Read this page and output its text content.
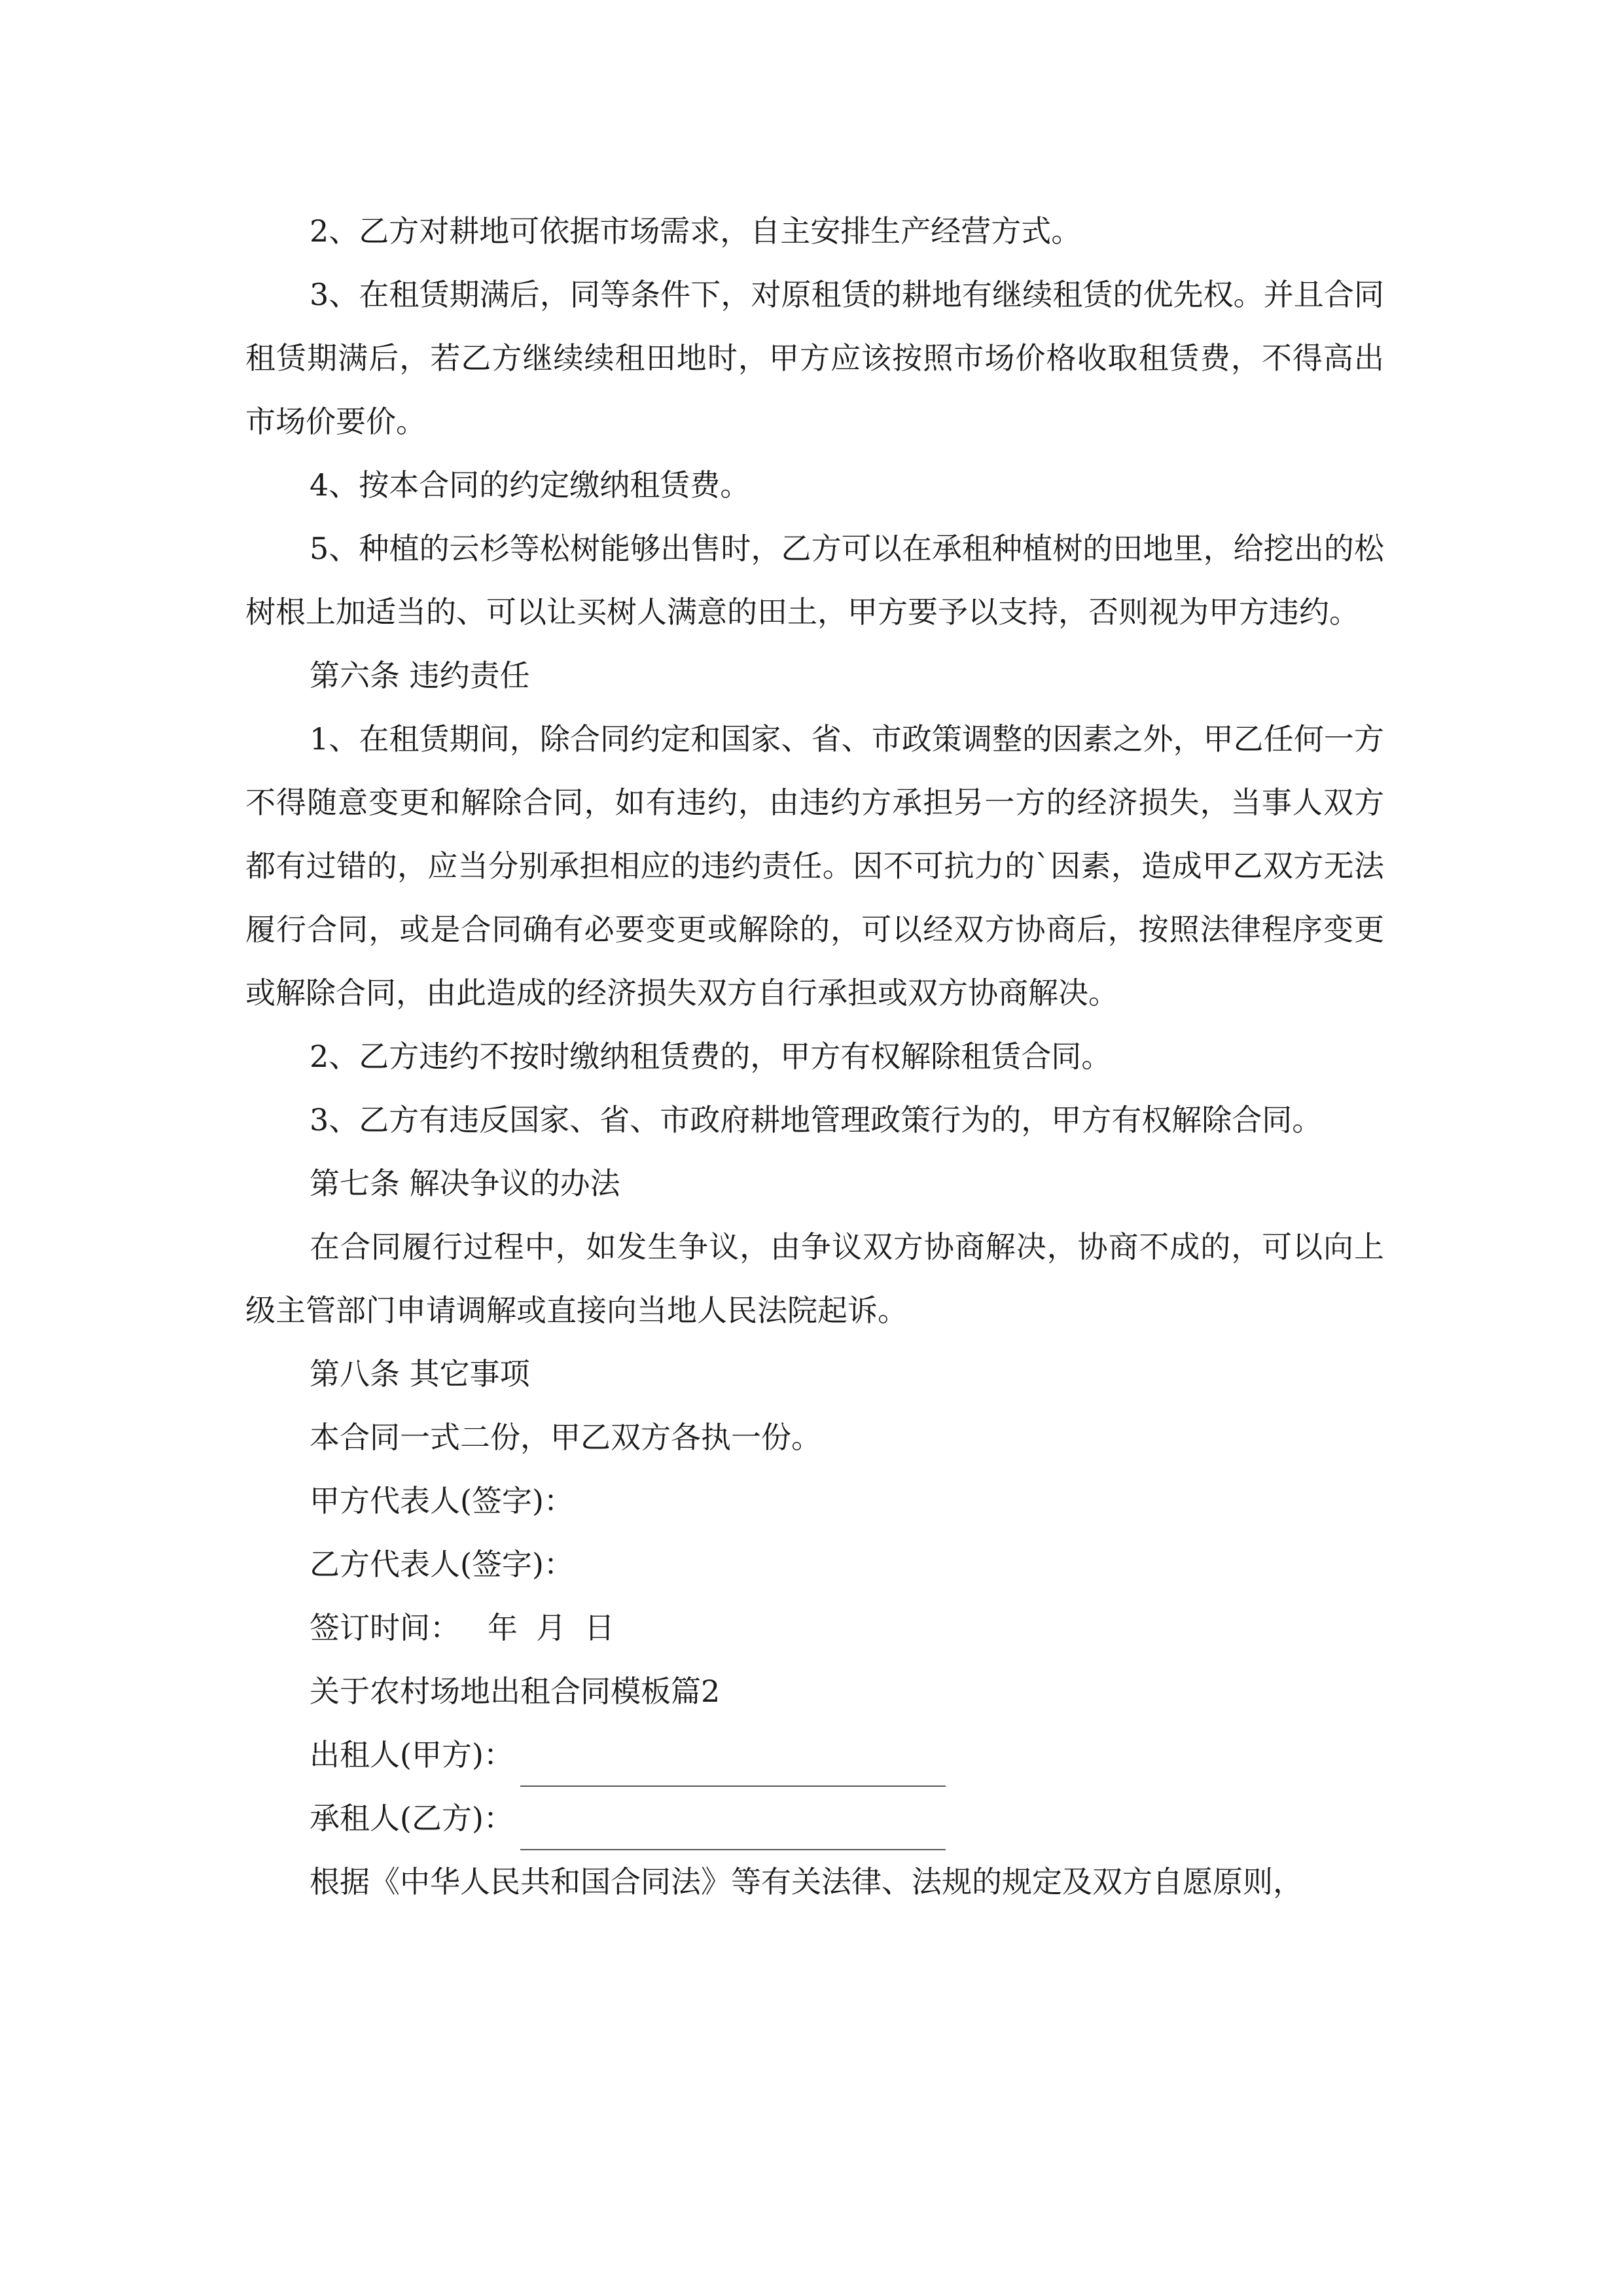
2、乙方对耕地可依据市场需求，自主安排生产经营方式。

3、在租赁期满后，同等条件下，对原租赁的耕地有继续租赁的优先权。并且合同租赁期满后，若乙方继续续租田地时，甲方应该按照市场价格收取租赁费，不得高出市场价要价。

4、按本合同的约定缴纳租赁费。

5、种植的云杉等松树能够出售时，乙方可以在承租种植树的田地里，给挖出的松树根上加适当的、可以让买树人满意的田土，甲方要予以支持，否则视为甲方违约。

第六条 违约责任

1、在租赁期间，除合同约定和国家、省、市政策调整的因素之外，甲乙任何一方不得随意变更和解除合同，如有违约，由违约方承担另一方的经济损失，当事人双方都有过错的，应当分别承担相应的违约责任。因不可抗力的`因素，造成甲乙双方无法履行合同，或是合同确有必要变更或解除的，可以经双方协商后，按照法律程序变更或解除合同，由此造成的经济损失双方自行承担或双方协商解决。

2、乙方违约不按时缴纳租赁费的，甲方有权解除租赁合同。

3、乙方有违反国家、省、市政府耕地管理政策行为的，甲方有权解除合同。

第七条 解决争议的办法

在合同履行过程中，如发生争议，由争议双方协商解决，协商不成的，可以向上级主管部门申请调解或直接向当地人民法院起诉。

第八条 其它事项

本合同一式二份，甲乙双方各执一份。

甲方代表人(签字)：

乙方代表人(签字)：

签订时间： 年 月 日

关于农村场地出租合同模板篇2

出租人(甲方)：

承租人(乙方)：

根据《中华人民共和国合同法》等有关法律、法规的规定及双方自愿原则，
